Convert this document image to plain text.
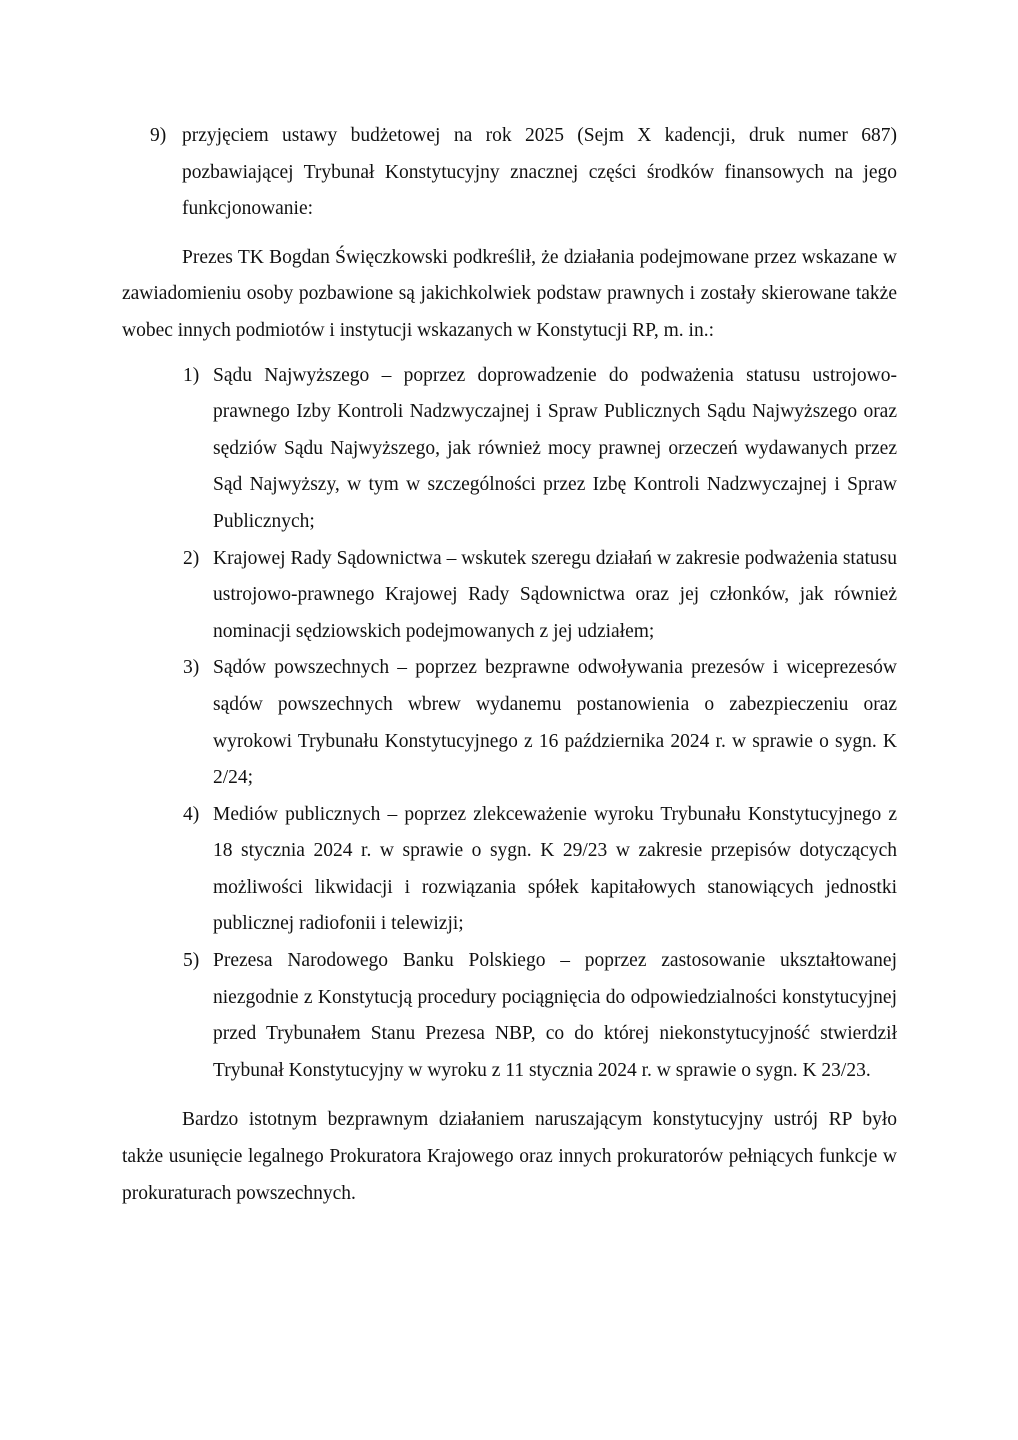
9) przyjęciem ustawy budżetowej na rok 2025 (Sejm X kadencji, druk numer 687) pozbawiającej Trybunał Konstytucyjny znacznej części środków finansowych na jego funkcjonowanie:

Prezes TK Bogdan Święczkowski podkreślił, że działania podejmowane przez wskazane w zawiadomieniu osoby pozbawione są jakichkolwiek podstaw prawnych i zostały skierowane także wobec innych podmiotów i instytucji wskazanych w Konstytucji RP, m. in.:

1) Sądu Najwyższego – poprzez doprowadzenie do podważenia statusu ustrojowo-prawnego Izby Kontroli Nadzwyczajnej i Spraw Publicznych Sądu Najwyższego oraz sędziów Sądu Najwyższego, jak również mocy prawnej orzeczeń wydawanych przez Sąd Najwyższy, w tym w szczególności przez Izbę Kontroli Nadzwyczajnej i Spraw Publicznych;
2) Krajowej Rady Sądownictwa – wskutek szeregu działań w zakresie podważenia statusu ustrojowo-prawnego Krajowej Rady Sądownictwa oraz jej członków, jak również nominacji sędziowskich podejmowanych z jej udziałem;
3) Sądów powszechnych – poprzez bezprawne odwoływania prezesów i wiceprezesów sądów powszechnych wbrew wydanemu postanowienia o zabezpieczeniu oraz wyrokowi Trybunału Konstytucyjnego z 16 października 2024 r. w sprawie o sygn. K 2/24;
4) Mediów publicznych – poprzez zlekceważenie wyroku Trybunału Konstytucyjnego z 18 stycznia 2024 r. w sprawie o sygn. K 29/23 w zakresie przepisów dotyczących możliwości likwidacji i rozwiązania spółek kapitałowych stanowiących jednostki publicznej radiofonii i telewizji;
5) Prezesa Narodowego Banku Polskiego – poprzez zastosowanie ukształtowanej niezgodnie z Konstytucją procedury pociągnięcia do odpowiedzialności konstytucyjnej przed Trybunałem Stanu Prezesa NBP, co do której niekonstytucyjność stwierdził Trybunał Konstytucyjny w wyroku z 11 stycznia 2024 r. w sprawie o sygn. K 23/23.

Bardzo istotnym bezprawnym działaniem naruszającym konstytucyjny ustrój RP było także usunięcie legalnego Prokuratora Krajowego oraz innych prokuratorów pełniących funkcje w prokuraturach powszechnych.
